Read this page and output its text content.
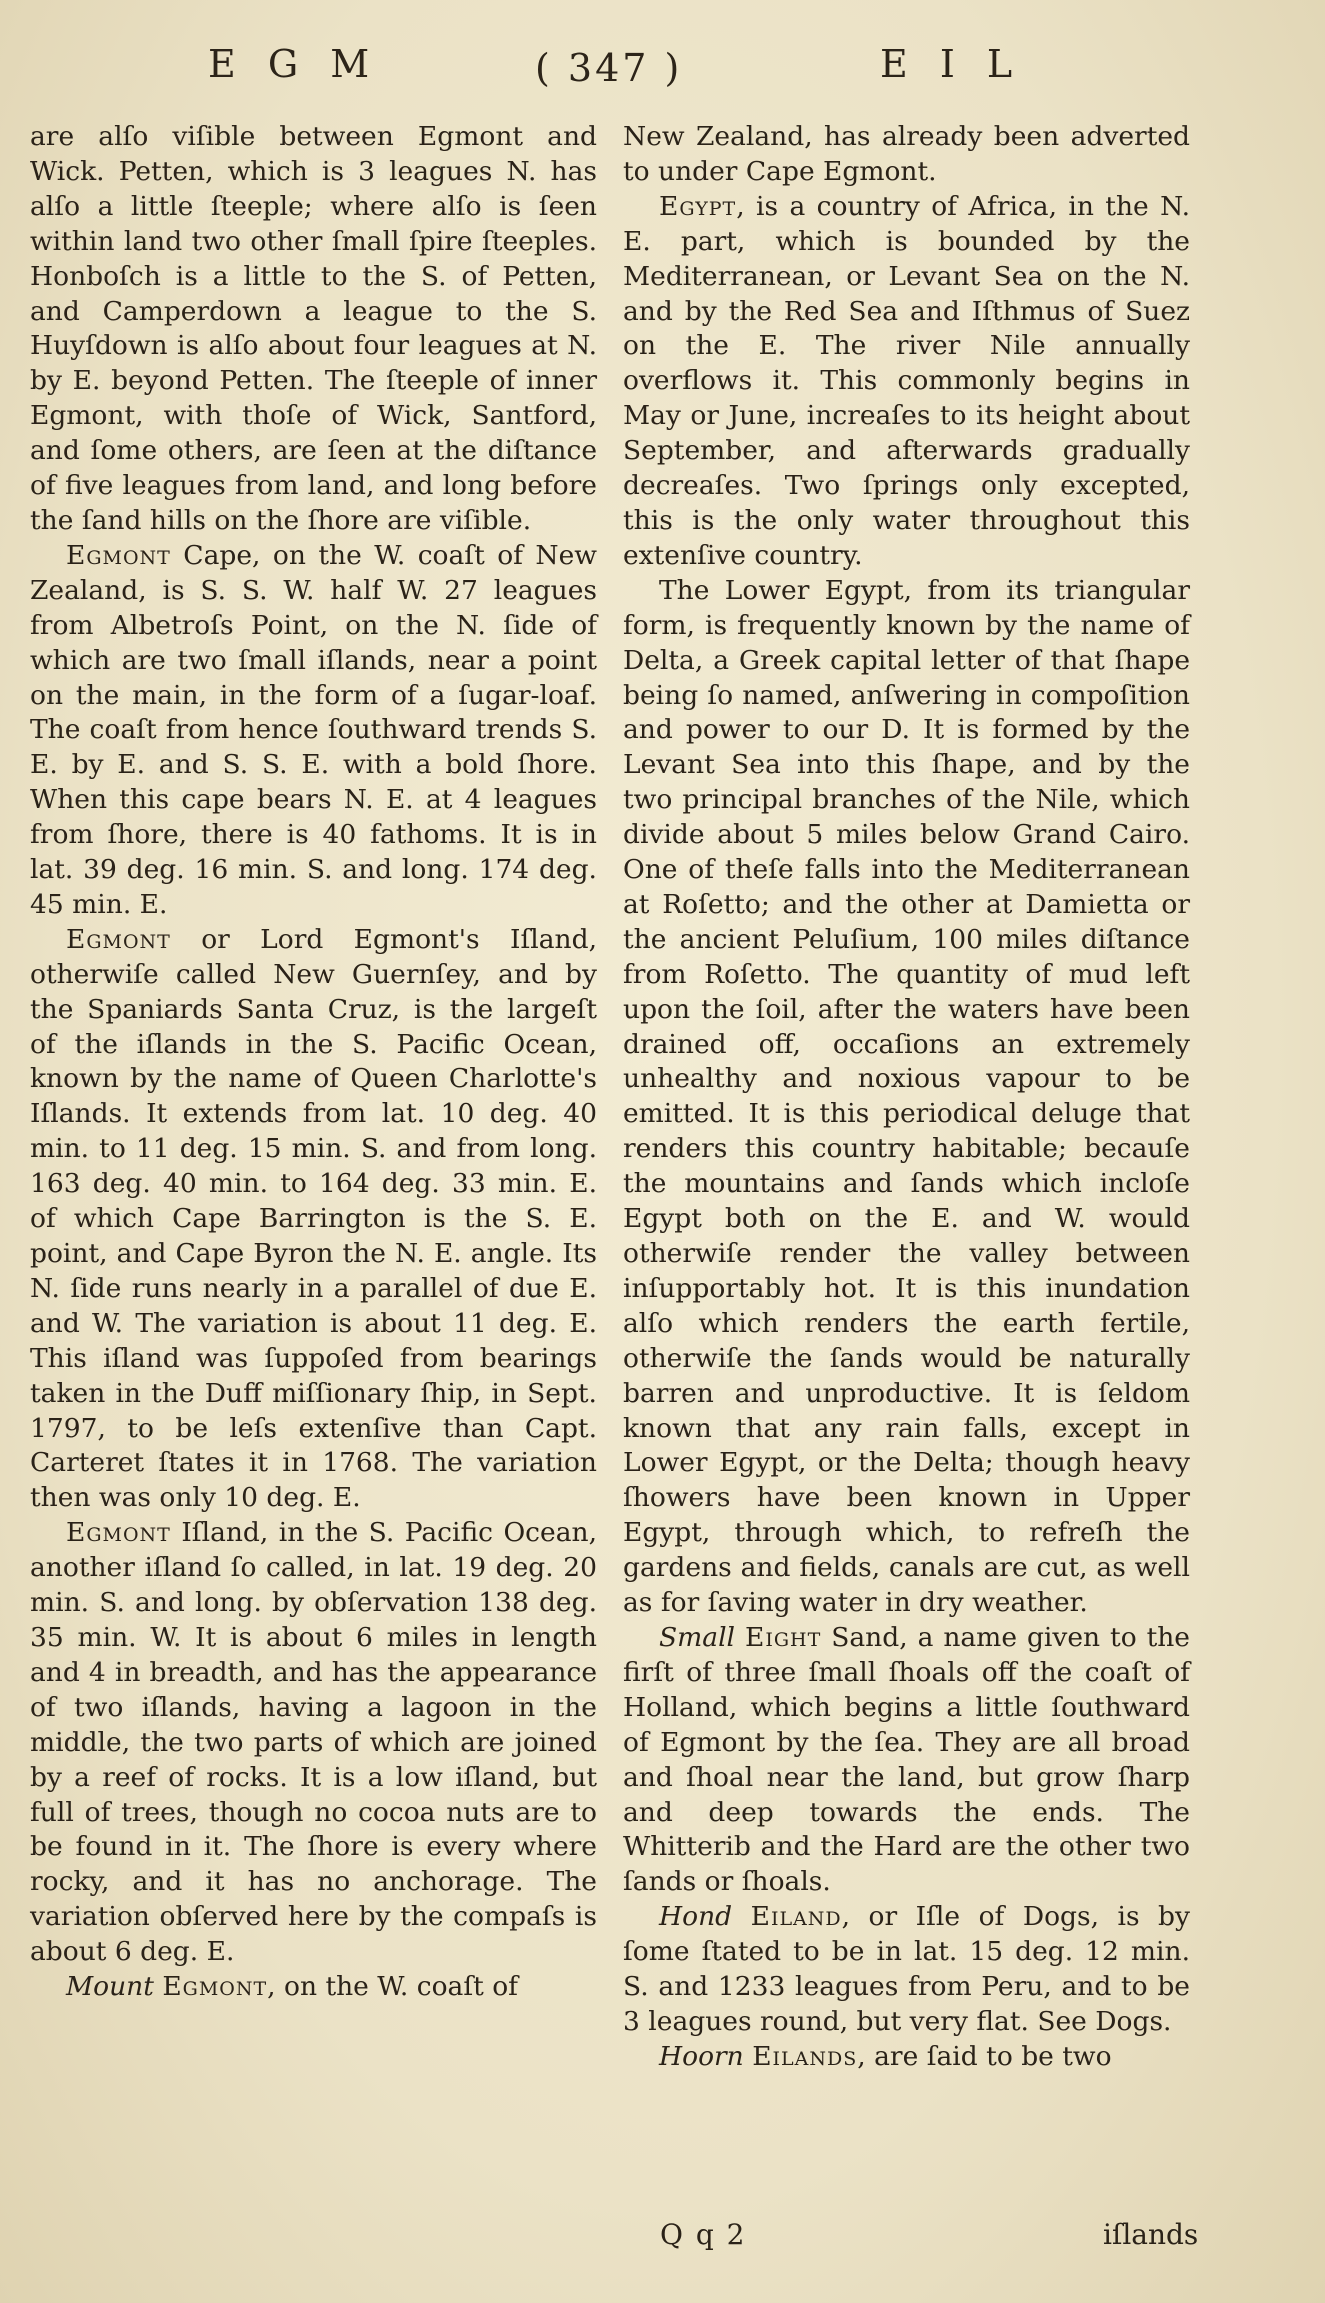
E G M	( 347 )	E I L

are alſo viſible between Egmont and Wick. Petten, which is 3 leagues N. has alſo a little ſteeple; where alſo is ſeen within land two other ſmall ſpire ſteeples. Honboſch is a little to the S. of Petten, and Camperdown a league to the S. Huyſdown is alſo about four leagues at N. by E. beyond Petten. The ſteeple of inner Egmont, with thoſe of Wick, Santford, and ſome others, are ſeen at the diſtance of five leagues from land, and long before the ſand hills on the ſhore are viſible.

Egmont Cape, on the W. coaſt of New Zealand, is S. S. W. half W. 27 leagues from Albetroſs Point, on the N. ſide of which are two ſmall iſlands, near a point on the main, in the form of a ſugar-loaf. The coaſt from hence ſouthward trends S. E. by E. and S. S. E. with a bold ſhore. When this cape bears N. E. at 4 leagues from ſhore, there is 40 fathoms. It is in lat. 39 deg. 16 min. S. and long. 174 deg. 45 min. E.

Egmont or Lord Egmont's Iſland, otherwiſe called New Guernſey, and by the Spaniards Santa Cruz, is the largeſt of the iſlands in the S. Pacific Ocean, known by the name of Queen Charlotte's Iſlands. It extends from lat. 10 deg. 40 min. to 11 deg. 15 min. S. and from long. 163 deg. 40 min. to 164 deg. 33 min. E. of which Cape Barrington is the S. E. point, and Cape Byron the N. E. angle. Its N. ſide runs nearly in a parallel of due E. and W. The variation is about 11 deg. E. This iſland was ſuppoſed from bearings taken in the Duff miſſionary ſhip, in Sept. 1797, to be leſs extenſive than Capt. Carteret ſtates it in 1768. The variation then was only 10 deg. E.

Egmont Iſland, in the S. Pacific Ocean, another iſland ſo called, in lat. 19 deg. 20 min. S. and long. by obſervation 138 deg. 35 min. W. It is about 6 miles in length and 4 in breadth, and has the appearance of two iſlands, having a lagoon in the middle, the two parts of which are joined by a reef of rocks. It is a low iſland, but full of trees, though no cocoa nuts are to be found in it. The ſhore is every where rocky, and it has no anchorage. The variation obſerved here by the compaſs is about 6 deg. E.

Mount Egmont, on the W. coaſt of

New Zealand, has already been adverted to under Cape Egmont.

Egypt, is a country of Africa, in the N. E. part, which is bounded by the Mediterranean, or Levant Sea on the N. and by the Red Sea and Iſthmus of Suez on the E. The river Nile annually overflows it. This commonly begins in May or June, increaſes to its height about September, and afterwards gradually decreaſes. Two ſprings only excepted, this is the only water throughout this extenſive country.

The Lower Egypt, from its triangular form, is frequently known by the name of Delta, a Greek capital letter of that ſhape being ſo named, anſwering in compoſition and power to our D. It is formed by the Levant Sea into this ſhape, and by the two principal branches of the Nile, which divide about 5 miles below Grand Cairo. One of theſe falls into the Mediterranean at Roſetto; and the other at Damietta or the ancient Peluſium, 100 miles diſtance from Roſetto. The quantity of mud left upon the ſoil, after the waters have been drained off, occaſions an extremely unhealthy and noxious vapour to be emitted. It is this periodical deluge that renders this country habitable; becauſe the mountains and ſands which incloſe Egypt both on the E. and W. would otherwiſe render the valley between inſupportably hot. It is this inundation alſo which renders the earth fertile, otherwiſe the ſands would be naturally barren and unproductive. It is ſeldom known that any rain falls, except in Lower Egypt, or the Delta; though heavy ſhowers have been known in Upper Egypt, through which, to refreſh the gardens and fields, canals are cut, as well as for ſaving water in dry weather.

Small Eight Sand, a name given to the firſt of three ſmall ſhoals off the coaſt of Holland, which begins a little ſouthward of Egmont by the ſea. They are all broad and ſhoal near the land, but grow ſharp and deep towards the ends. The Whitterib and the Hard are the other two ſands or ſhoals.

Hond Eiland, or Iſle of Dogs, is by ſome ſtated to be in lat. 15 deg. 12 min. S. and 1233 leagues from Peru, and to be 3 leagues round, but very flat. See Dogs.

Hoorn Eilands, are ſaid to be two

Q q 2	iſlands
